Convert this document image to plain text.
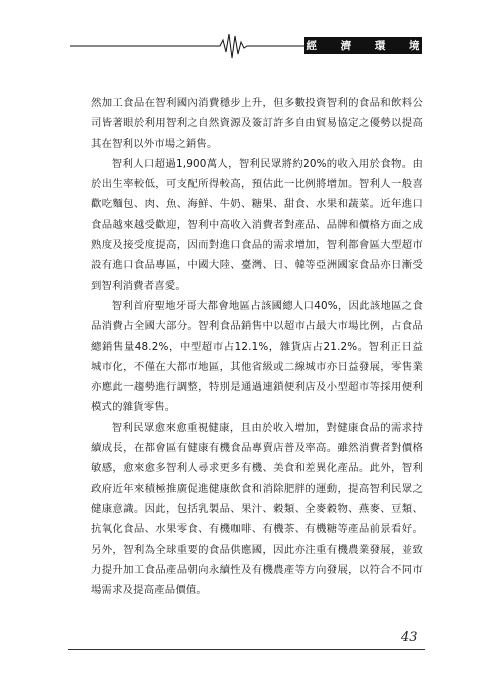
經 濟 環 境

然加工食品在智利國內消費穩步上升，但多數投資智利的食品和飲料公司皆著眼於利用智利之自然資源及簽訂許多自由貿易協定之優勢以提高其在智利以外市場之銷售。

智利人口超過1,900萬人，智利民眾將約20%的收入用於食物。由於出生率較低，可支配所得較高，預估此一比例將增加。智利人一般喜歡吃麵包、肉、魚、海鮮、牛奶、糖果、甜食、水果和蔬菜。近年進口食品越來越受歡迎，智利中高收入消費者對產品、品牌和價格方面之成熟度及接受度提高，因而對進口食品的需求增加，智利都會區大型超市設有進口食品專區，中國大陸、臺灣、日、韓等亞洲國家食品亦日漸受到智利消費者喜愛。

智利首府聖地牙哥大都會地區占該國總人口40%，因此該地區之食品消費占全國大部分。智利食品銷售中以超市占最大市場比例，占食品總銷售量48.2%，中型超市占12.1%，雜貨店占21.2%。智利正日益城市化，不僅在大都市地區，其他省級或二線城市亦日益發展，零售業亦應此一趨勢進行調整，特別是通過連鎖便利店及小型超市等採用便利模式的雜貨零售。

智利民眾愈來愈重視健康，且由於收入增加，對健康食品的需求持續成長，在都會區有健康有機食品專賣店普及率高。雖然消費者對價格敏感，愈來愈多智利人尋求更多有機、美食和差異化產品。此外，智利政府近年來積極推廣促進健康飲食和消除肥胖的運動，提高智利民眾之健康意識。因此，包括乳製品、果汁、穀類、全麥穀物、燕麥、豆類、抗氧化食品、水果零食、有機咖啡、有機茶、有機糖等產品前景看好。另外，智利為全球重要的食品供應國，因此亦注重有機農業發展，並致力提升加工食品產品朝向永續性及有機農產等方向發展，以符合不同市場需求及提高產品價值。

43
